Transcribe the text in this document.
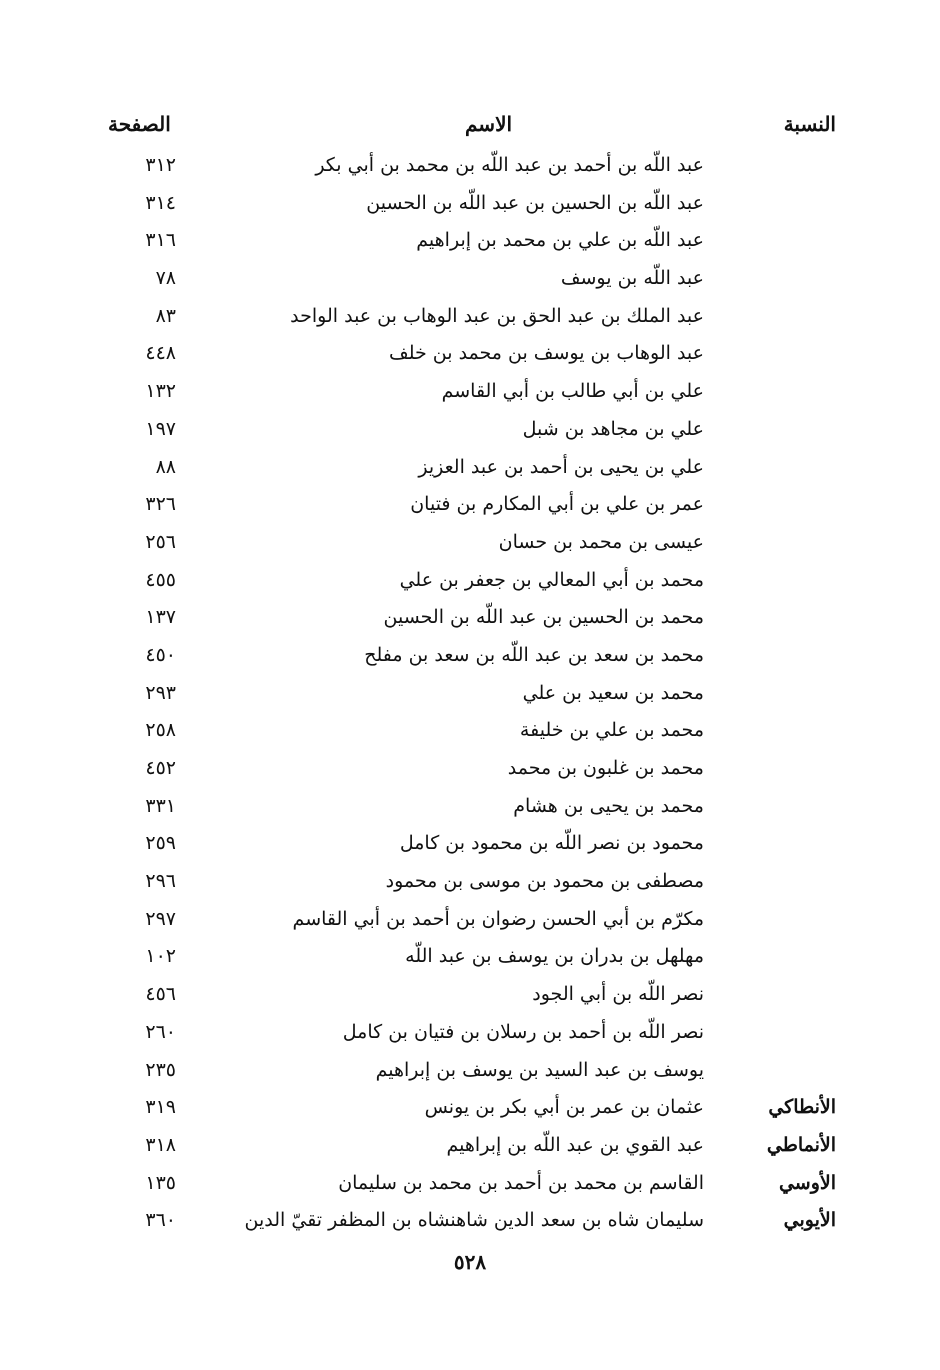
النسبة
الاسم
الصفحة
عبد اللّه بن أحمد بن عبد اللّه بن محمد بن أبي بكر
٣١٢
عبد اللّه بن الحسين بن عبد اللّه بن الحسين
٣١٤
عبد اللّه بن علي بن محمد بن إبراهيم
٣١٦
عبد اللّه بن يوسف
٧٨
عبد الملك بن عبد الحق بن عبد الوهاب بن عبد الواحد
٨٣
عبد الوهاب بن يوسف بن محمد بن خلف
٤٤٨
علي بن أبي طالب بن أبي القاسم
١٣٢
علي بن مجاهد بن شبل
١٩٧
علي بن يحيى بن أحمد بن عبد العزيز
٨٨
عمر بن علي بن أبي المكارم بن فتيان
٣٢٦
عيسى بن محمد بن حسان
٢٥٦
محمد بن أبي المعالي بن جعفر بن علي
٤٥٥
محمد بن الحسين بن عبد اللّه بن الحسين
١٣٧
محمد بن سعد بن عبد اللّه بن سعد بن مفلح
٤٥٠
محمد بن سعيد بن علي
٢٩٣
محمد بن علي بن خليفة
٢٥٨
محمد بن غلبون بن محمد
٤٥٢
محمد بن يحيى بن هشام
٣٣١
محمود بن نصر اللّه بن محمود بن كامل
٢٥٩
مصطفى بن محمود بن موسى بن محمود
٢٩٦
مكرّم بن أبي الحسن رضوان بن أحمد بن أبي القاسم
٢٩٧
مهلهل بن بدران بن يوسف بن عبد اللّه
١٠٢
نصر اللّه بن أبي الجود
٤٥٦
نصر اللّه بن أحمد بن رسلان بن فتيان بن كامل
٢٦٠
يوسف بن عبد السيد بن يوسف بن إبراهيم
٢٣٥
الأنطاكي
عثمان بن عمر بن أبي بكر بن يونس
٣١٩
الأنماطي
عبد القوي بن عبد اللّه بن إبراهيم
٣١٨
الأوسي
القاسم بن محمد بن أحمد بن محمد بن سليمان
١٣٥
الأيوبي
سليمان شاه بن سعد الدين شاهنشاه بن المظفر تقيّ الدين
٣٦٠
٥٢٨
